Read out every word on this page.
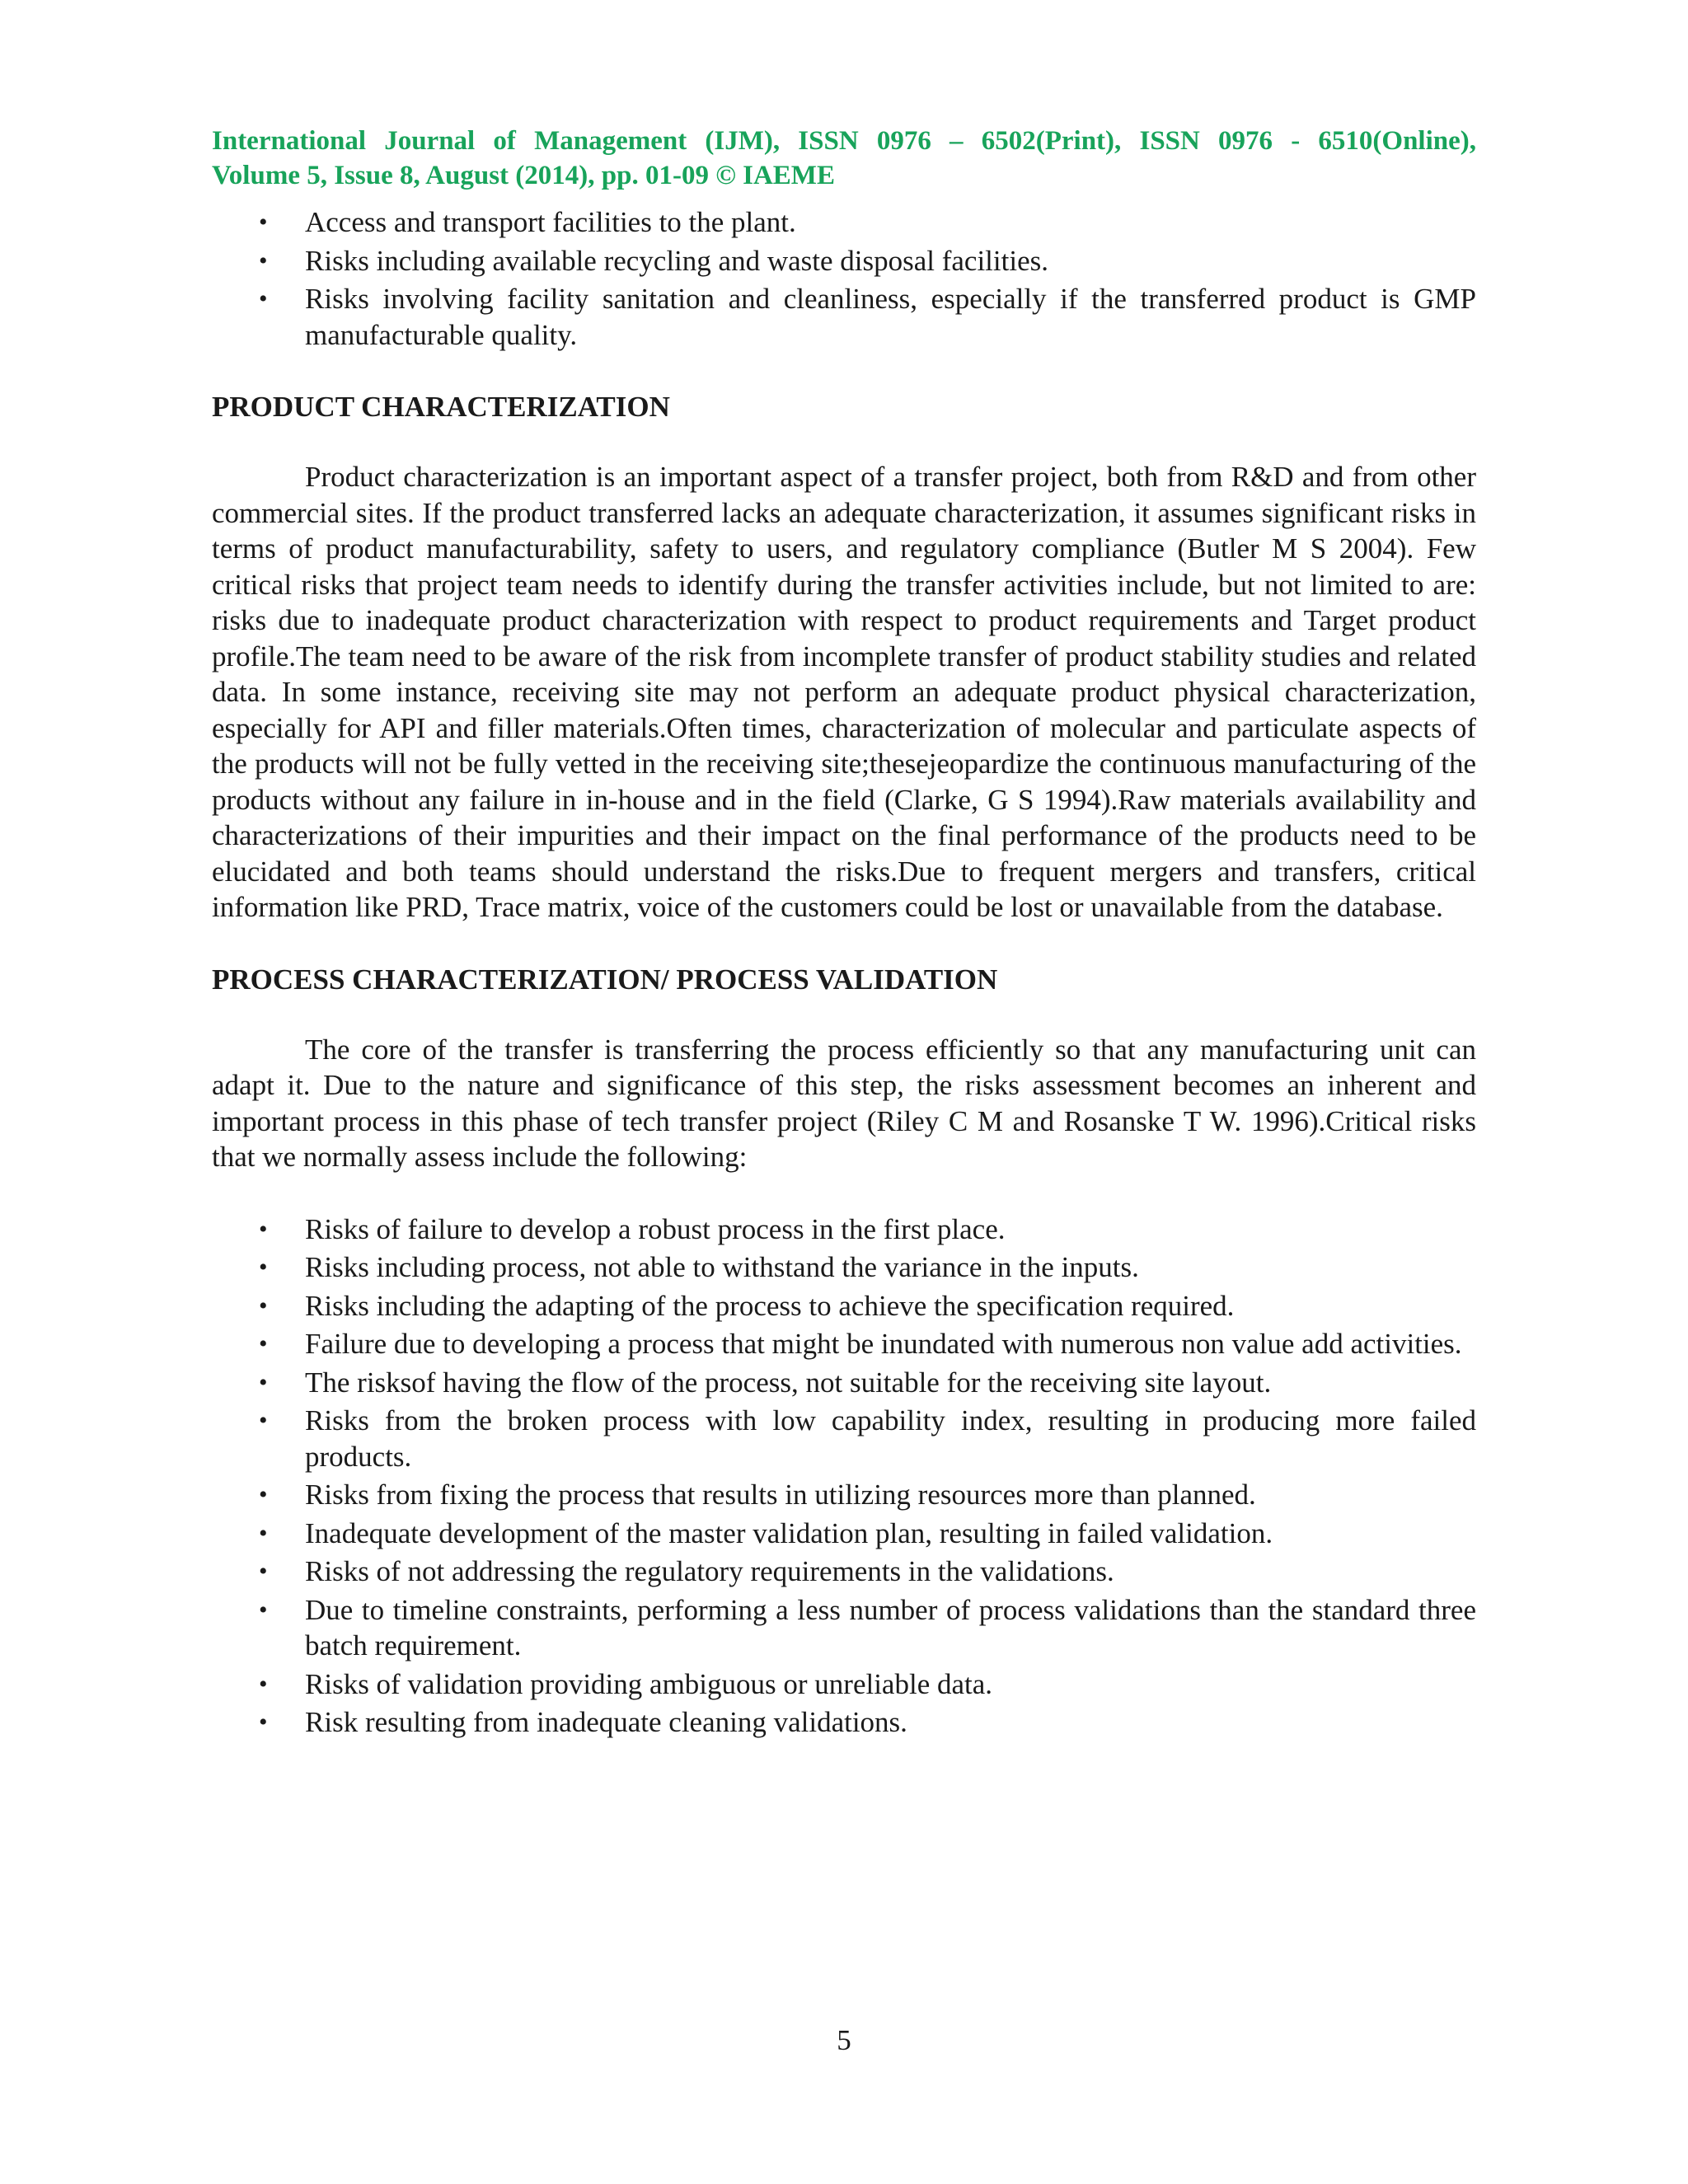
International Journal of Management (IJM), ISSN 0976 – 6502(Print), ISSN 0976 - 6510(Online),
Volume 5, Issue 8, August (2014), pp. 01-09 © IAEME
• Access and transport facilities to the plant.
• Risks including available recycling and waste disposal facilities.
• Risks involving facility sanitation and cleanliness, especially if the transferred product is GMP manufacturable quality.
PRODUCT CHARACTERIZATION

Product characterization is an important aspect of a transfer project, both from R&D and from other commercial sites. If the product transferred lacks an adequate characterization, it assumes significant risks in terms of product manufacturability, safety to users, and regulatory compliance (Butler M S 2004). Few critical risks that project team needs to identify during the transfer activities include, but not limited to are: risks due to inadequate product characterization with respect to product requirements and Target product profile.The team need to be aware of the risk from incomplete transfer of product stability studies and related data. In some instance, receiving site may not perform an adequate product physical characterization, especially for API and filler materials.Often times, characterization of molecular and particulate aspects of the products will not be fully vetted in the receiving site;thesejeopardize the continuous manufacturing of the products without any failure in in-house and in the field (Clarke, G S 1994).Raw materials availability and characterizations of their impurities and their impact on the final performance of the products need to be elucidated and both teams should understand the risks.Due to frequent mergers and transfers, critical information like PRD, Trace matrix, voice of the customers could be lost or unavailable from the database.

PROCESS CHARACTERIZATION/ PROCESS VALIDATION

The core of the transfer is transferring the process efficiently so that any manufacturing unit can adapt it. Due to the nature and significance of this step, the risks assessment becomes an inherent and important process in this phase of tech transfer project (Riley C M and Rosanske T W. 1996).Critical risks that we normally assess include the following:

• Risks of failure to develop a robust process in the first place.
• Risks including process, not able to withstand the variance in the inputs.
• Risks including the adapting of the process to achieve the specification required.
• Failure due to developing a process that might be inundated with numerous non value add activities.
• The risksof having the flow of the process, not suitable for the receiving site layout.
• Risks from the broken process with low capability index, resulting in producing more failed products.
• Risks from fixing the process that results in utilizing resources more than planned.
• Inadequate development of the master validation plan, resulting in failed validation.
• Risks of not addressing the regulatory requirements in the validations.
• Due to timeline constraints, performing a less number of process validations than the standard three batch requirement.
• Risks of validation providing ambiguous or unreliable data.
• Risk resulting from inadequate cleaning validations.
5
